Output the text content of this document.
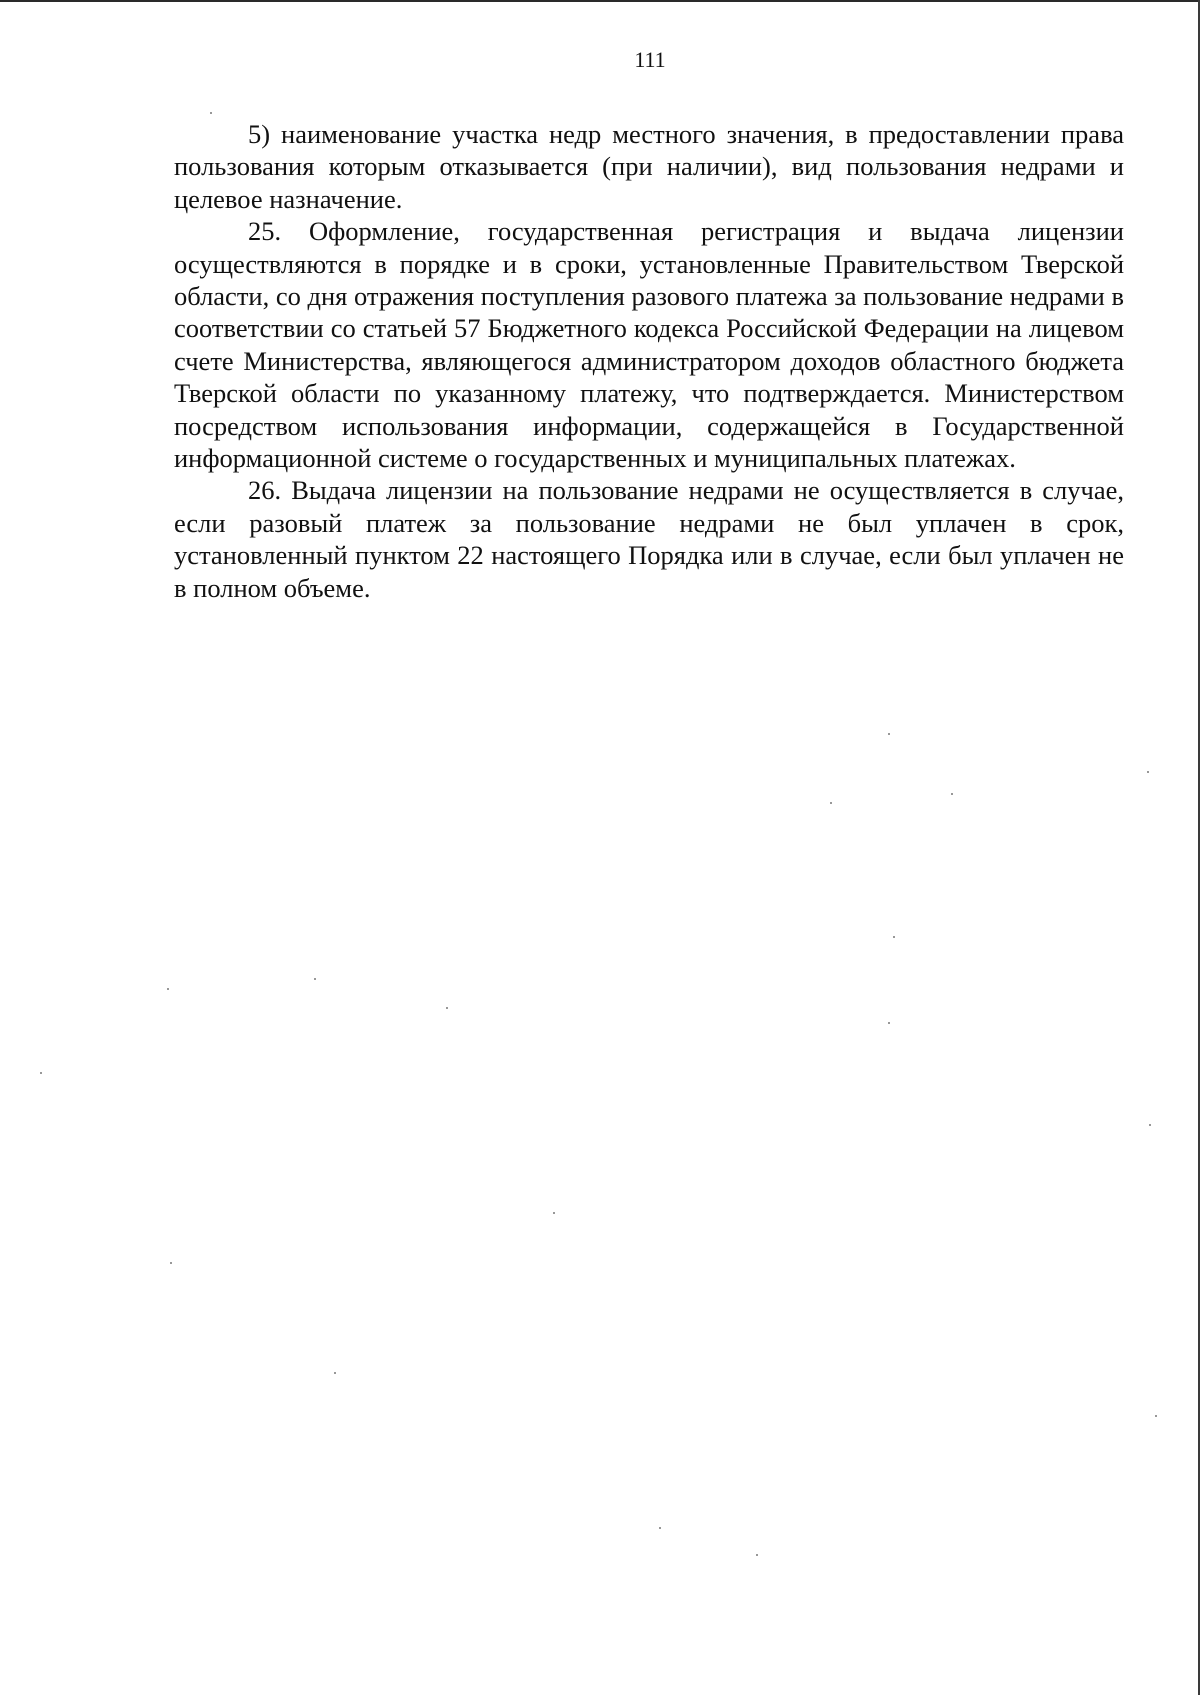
111

5) наименование участка недр местного значения, в предоставлении права пользования которым отказывается (при наличии), вид пользования недрами и целевое назначение.

25. Оформление, государственная регистрация и выдача лицензии осуществляются в порядке и в сроки, установленные Правительством Тверской области, со дня отражения поступления разового платежа за пользование недрами в соответствии со статьей 57 Бюджетного кодекса Российской Федерации на лицевом счете Министерства, являющегося администратором доходов областного бюджета Тверской области по указанному платежу, что подтверждается. Министерством посредством использования информации, содержащейся в Государственной информационной системе о государственных и муниципальных платежах.

26. Выдача лицензии на пользование недрами не осуществляется в случае, если разовый платеж за пользование недрами не был уплачен в срок, установленный пунктом 22 настоящего Порядка или в случае, если был уплачен не в полном объеме.
